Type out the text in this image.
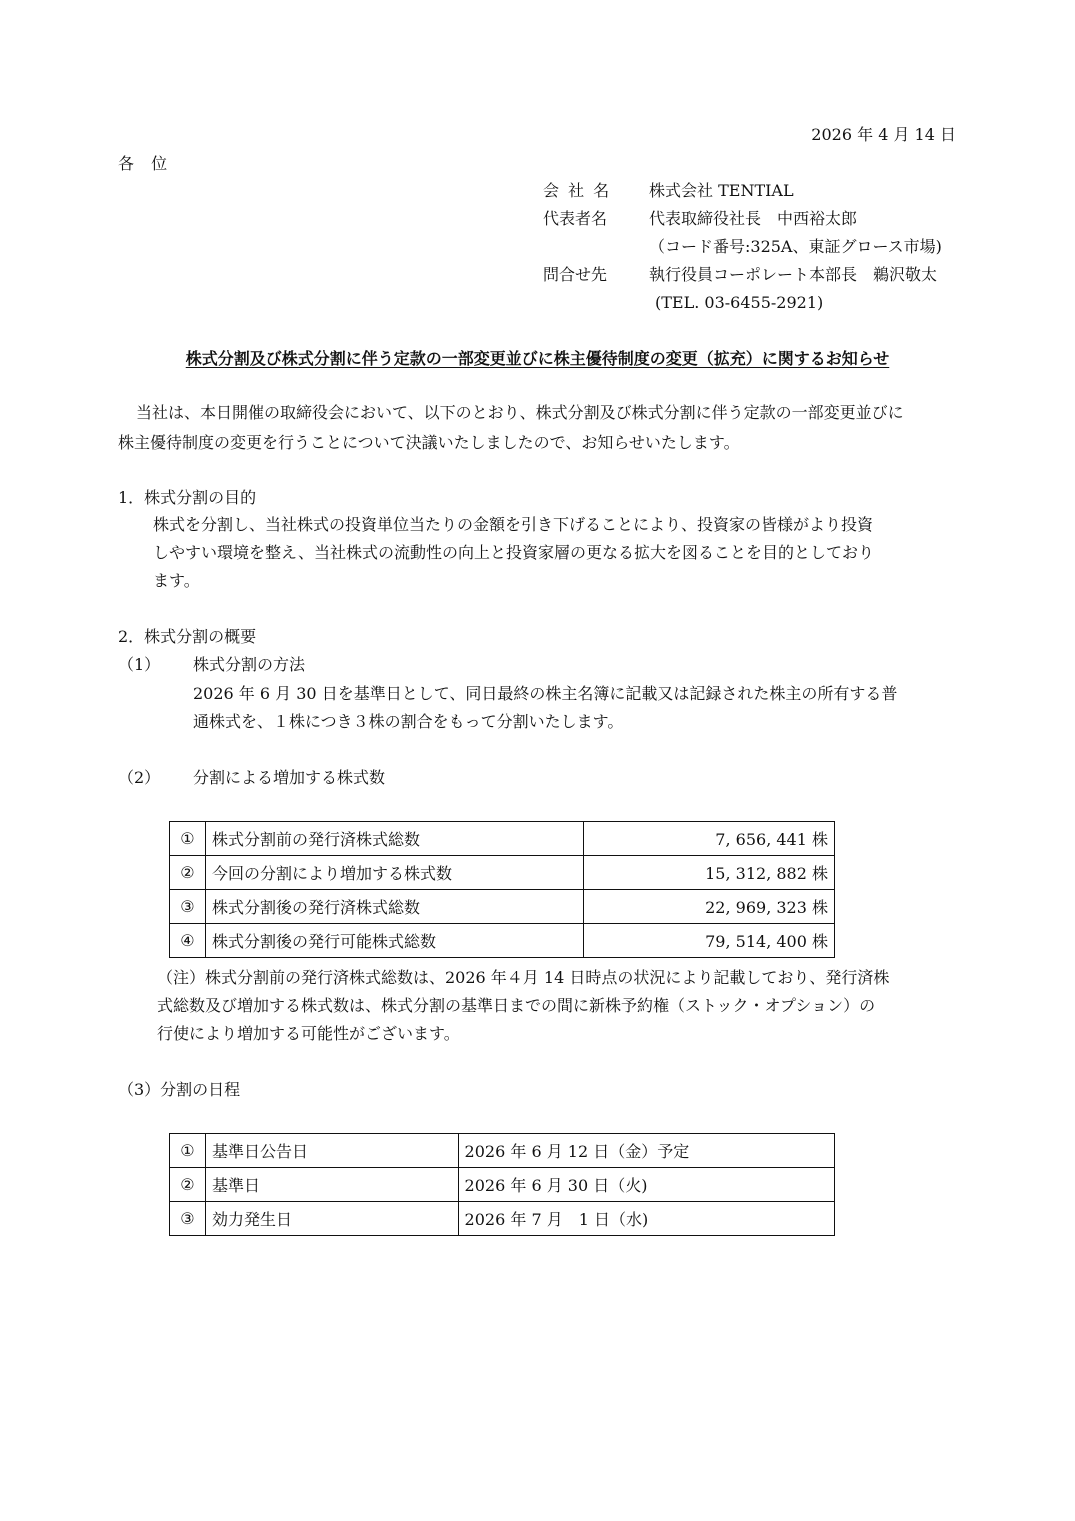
2026 年 4 月 14 日
各 位
会 社 名 株式会社 TENTIAL
代表者名	代表取締役社長　中西裕太郎
（コード番号:325A、東証グロース市場)
問合せ先	執行役員コーポレート本部長　鵜沢敬太
(TEL. 03-6455-2921)
株式分割及び株式分割に伴う定款の一部変更並びに株主優待制度の変更（拡充）に関するお知らせ
当社は、本日開催の取締役会において、以下のとおり、株式分割及び株式分割に伴う定款の一部変更並びに
株主優待制度の変更を行うことについて決議いたしましたので、お知らせいたします。
1．株式分割の目的
株式を分割し、当社株式の投資単位当たりの金額を引き下げることにより、投資家の皆様がより投資
しやすい環境を整え、当社株式の流動性の向上と投資家層の更なる拡大を図ることを目的としており
ます。
2．株式分割の概要
（1） 株式分割の方法
2026 年 6 月 30 日を基準日として、同日最終の株主名簿に記載又は記録された株主の所有する普
通株式を、１株につき３株の割合をもって分割いたします。
（2） 分割による増加する株式数
①	株式分割前の発行済株式総数	7, 656, 441 株
②	今回の分割により増加する株式数	15, 312, 882 株
③	株式分割後の発行済株式総数	22, 969, 323 株
④	株式分割後の発行可能株式総数	79, 514, 400 株
（注）株式分割前の発行済株式総数は、2026 年４月 14 日時点の状況により記載しており、発行済株
式総数及び増加する株式数は、株式分割の基準日までの間に新株予約権（ストック・オプション）の
行使により増加する可能性がございます。
（3）分割の日程
①	基準日公告日	2026 年 6 月 12 日（金）予定
②	基準日	2026 年 6 月 30 日（火)
③	効力発生日	2026 年 7 月　1 日（水)
